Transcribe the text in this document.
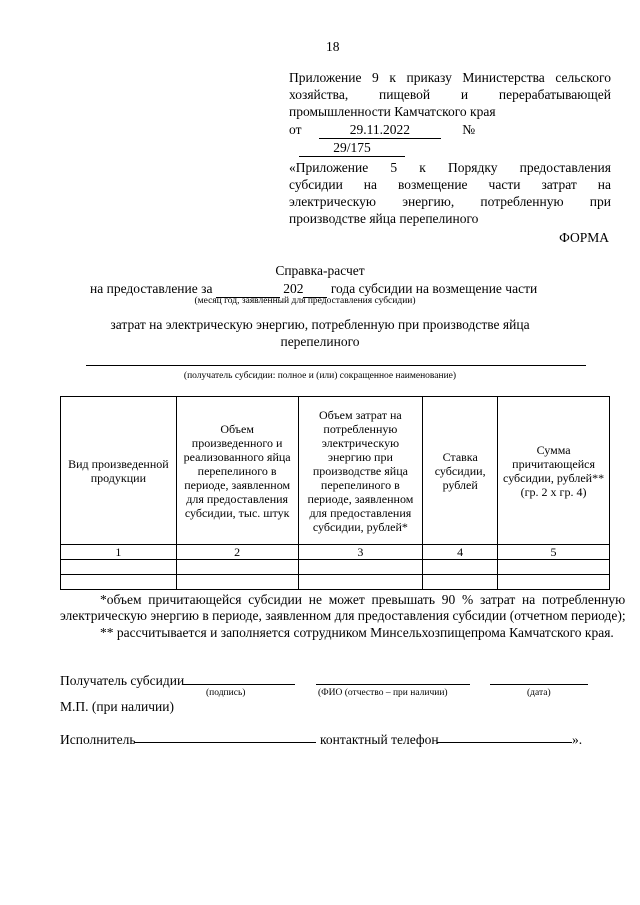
18
Приложение 9 к приказу Министерства сельского
хозяйства,   пищевой   и   перерабатывающей
промышленности Камчатского края
от	29.11.2022	№ 29/175
«Приложение  5  к  Порядку  предоставления
субсидии  на  возмещение  части  затрат  на
электрическую  энергию,  потребленную  при
производстве яйца перепелиного
ФОРМА
Справка-расчет
на предоставление за	202 года субсидии на возмещение части
(месяц год, заявленный для предоставления субсидии)
затрат на электрическую энергию, потребленную при производстве яйца
перепелиного
(получатель субсидии: полное и (или) сокращенное наименование)
Вид произведенной продукции	Объем произведенного и реализованного яйца перепелиного в периоде, заявленном для предоставления субсидии, тыс. штук	Объем затрат на потребленную электрическую энергию при производстве яйца перепелиного в периоде, заявленном для предоставления субсидии, рублей*	Ставка субсидии, рублей	Сумма причитающейся субсидии, рублей** (гр. 2 х гр. 4)
1	2	3	4	5

*объем  причитающейся  субсидии  не  может  превышать  90  %  затрат  на  потребленную
электрическую энергию в периоде, заявленном для предоставления субсидии (отчетном периоде);
** рассчитывается и заполняется сотрудником Минсельхозпищепрома Камчатского края.
Получатель субсидии
(подпись)	(ФИО (отчество – при наличии)	(дата)
М.П. (при наличии)
Исполнитель	контактный телефон	».
